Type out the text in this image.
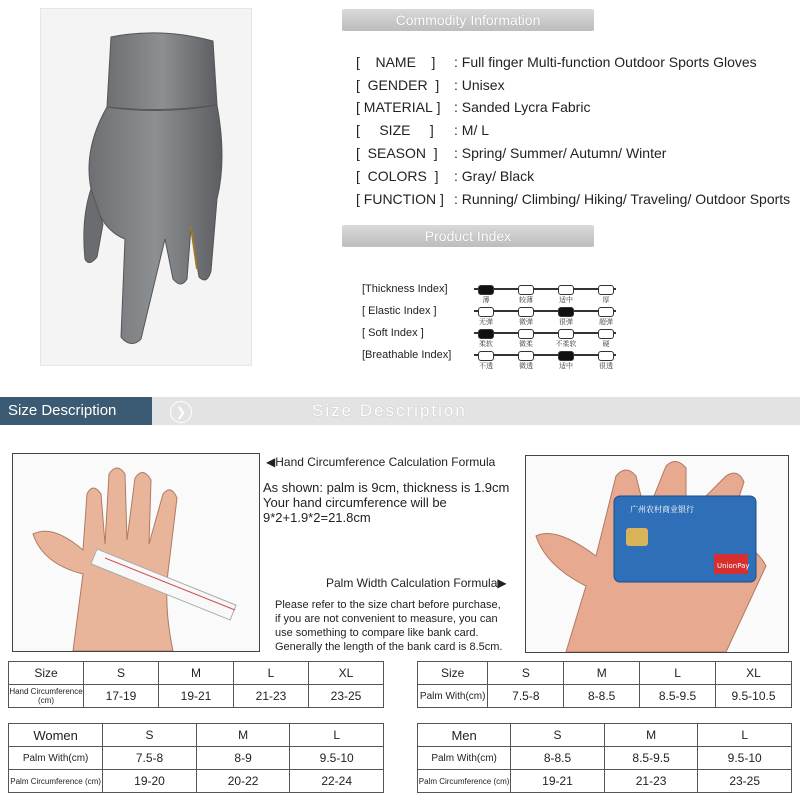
Commodity Information
[    NAME    ] : Full finger Multi-function Outdoor Sports Gloves
[  GENDER  ] : Unisex
[ MATERIAL ] : Sanded Lycra Fabric
[     SIZE     ] : M/ L
[  SEASON  ] : Spring/ Summer/ Autumn/ Winter
[  COLORS  ] : Gray/ Black
[ FUNCTION ] : Running/ Climbing/ Hiking/ Traveling/ Outdoor Sports
Product Index
[Thickness Index]
薄	较薄	适中	厚
[ Elastic Index ]
无弹	微弹	很弹	超弹
[ Soft Index ]
柔软	微柔	不柔软	硬
[Breathable Index]
不透	微透	适中	很透
Size Description	❯	Size Description
◀Hand Circumference Calculation Formula
As shown: palm is 9cm, thickness is 1.9cm
Your hand circumference will be
9*2+1.9*2=21.8cm
Palm Width Calculation Formula▶
Please refer to the size chart before purchase,
if you are not convenient to measure, you can
use something to compare like bank card.
Generally the length of the bank card is 8.5cm.
广州农村商业银行
UnionPay
Size	S	M	L	XL
Hand Circumference (cm)	17-19	19-21	21-23	23-25
Size	S	M	L	XL
Palm With(cm)	7.5-8	8-8.5	8.5-9.5	9.5-10.5
Women	S	M	L
Palm With(cm)	7.5-8	8-9	9.5-10
Palm Circumference (cm)	19-20	20-22	22-24
Men	S	M	L
Palm With(cm)	8-8.5	8.5-9.5	9.5-10
Palm Circumference (cm)	19-21	21-23	23-25
